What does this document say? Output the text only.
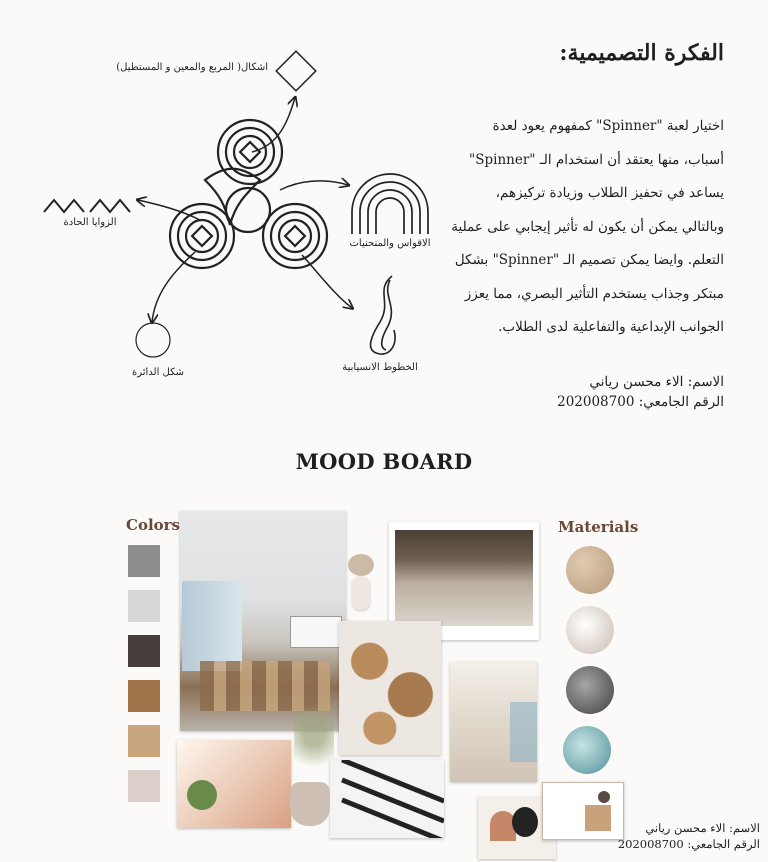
الفكرة التصميمية:
اختيار لعبة "Spinner" كمفهوم يعود لعدة
أسباب، منها يعتقد أن استخدام الـ "Spinner"
يساعد في تحفيز الطلاب وزيادة تركيزهم،
وبالتالي يمكن أن يكون له تأثير إيجابي على عملية
التعلم. وايضا يمكن تصميم الـ "Spinner" بشكل
مبتكر وجذاب يستخدم التأثير البصري، مما يعزز
الجوانب الإبداعية والتفاعلية لدى الطلاب.
الاسم: الاء محسن رياني
الرقم الجامعي: 202008700
اشكال( المربع والمعين و المستطيل)
الزوايا الحادة
الاقواس والمنحنيات
شكل الدائرة	الخطوط الانسيابية
MOOD BOARD
Colors	Materials
الاسم: الاء محسن رياني
الرقم الجامعي: 202008700
